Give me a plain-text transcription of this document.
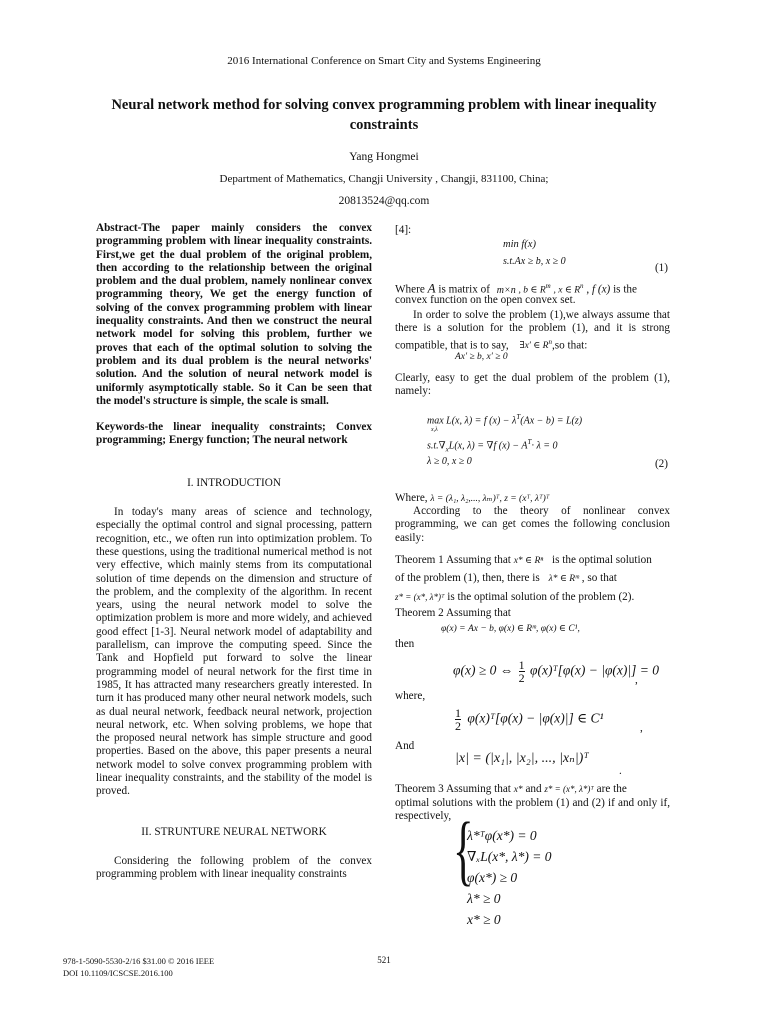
2016 International Conference on Smart City and Systems Engineering
Neural network method for solving convex programming problem with linear inequality constraints
Yang Hongmei
Department of Mathematics, Changji University , Changji, 831100, China;
20813524@qq.com

Abstract-The paper mainly considers the convex programming problem with linear inequality constraints. First,we get the dual problem of the original problem, then according to the relationship between the original problem and the dual problem, namely nonlinear convex programming theory, We get the energy function of solving of the convex programming problem with linear inequality constraints. And then we construct the neural network model for solving this problem, further we proves that each of the optimal solution to solving the problem and its dual problem is the neural networks' solution. And the solution of neural network model is uniformly asymptotically stable. So it Can be seen that the model's structure is simple, the scale is small.

Keywords-the linear inequality constraints; Convex programming; Energy function; The neural network

I. INTRODUCTION

In today's many areas of science and technology, especially the optimal control and signal processing, pattern recognition, etc., we often run into optimization problem. To these questions, using the traditional numerical method is not very effective, which mainly stems from its computational solution of time depends on the dimension and structure of the problem, and the complexity of the algorithm. In recent years, using the neural network model to solve the optimization problem is more and more widely, and achieved good effect [1-3]. Neural network model of adaptability and parallelism, can improve the computing speed. Since the Tank and Hopfield put forward to solve the linear programming model of neural network for the first time in 1985, It has attracted many researchers greatly interested. In turn it has produced many other neural network models, such as dual neural network, feedback neural network, projection neural network, etc. When solving problems, we hope that the proposed neural network has simple structure and good properties. Based on the above, this paper presents a neural network model to solve convex programming problem with linear inequality constraints, and the stability of the model is proved.

II. STRUNTURE NEURAL NETWORK

Considering the following problem of the convex programming problem with linear inequality constraints

[4]:
min f(x)
s.t.Ax ≥ b, x ≥ 0
(1)
Where A is matrix of m×n , b ∈ $R^m$ , x ∈ $R^n$ , f (x) is the
convex function on the open convex set.
In order to solve the problem (1),we always assume that there is a solution for the problem (1), and it is strong compatible, that is to say, ∃x′ ∈ $R^n,so$ that:
Ax′ ≥ b, x′ ≥ 0
Clearly, easy to get the dual problem of the problem (1), namely:
max L(x, λ) = f $(x) - \lambda^T(Ax - b) = L(z)$
x,λ
$s.t.\nabla_xL(x$, λ) = ∇f $(x) - A^T\cdot \lambda = 0$
λ ≥ 0, x ≥ 0	(2)
Where, λ = (λ₁, λ₂,..., λₘ)ᵀ, z = (xᵀ, λᵀ)ᵀ
According to the theory of nonlinear convex programming, we can get comes the following conclusion easily:
Theorem 1 Assuming that x* ∈ Rⁿ is the optimal solution
of the problem (1), then, there is λ* ∈ Rᵐ , so that
z* = (x*, λ*)ᵀ is the optimal solution of the problem (2).
Theorem 2 Assuming that
φ(x) = Ax − b, φ(x) ∈ Rᵐ, φ(x) ∈ C¹,
then
φ(x) ≥ 0 ⇔ $\frac{1}{2}$ φ(x)ᵀ[φ(x) − |φ(x)|] = 0
,
where,
$\frac{1}{2}$ φ(x)ᵀ[φ(x) − |φ(x)|] ∈ C¹
,
And
|x| = (|x₁|, |x₂|, ..., |xₙ|)ᵀ
.
Theorem 3 Assuming that x* and z* = (x*, λ*)ᵀ are the
optimal solutions with the problem (1) and (2) if and only if, respectively, {
λ*ᵀφ(x*) = 0
∇ₓL(x*, λ*) = 0
φ(x*) ≥ 0
λ* ≥ 0
x* ≥ 0
978-1-5090-5530-2/16 $31.00 © 2016 IEEE
DOI 10.1109/ICSCSE.2016.100
521
